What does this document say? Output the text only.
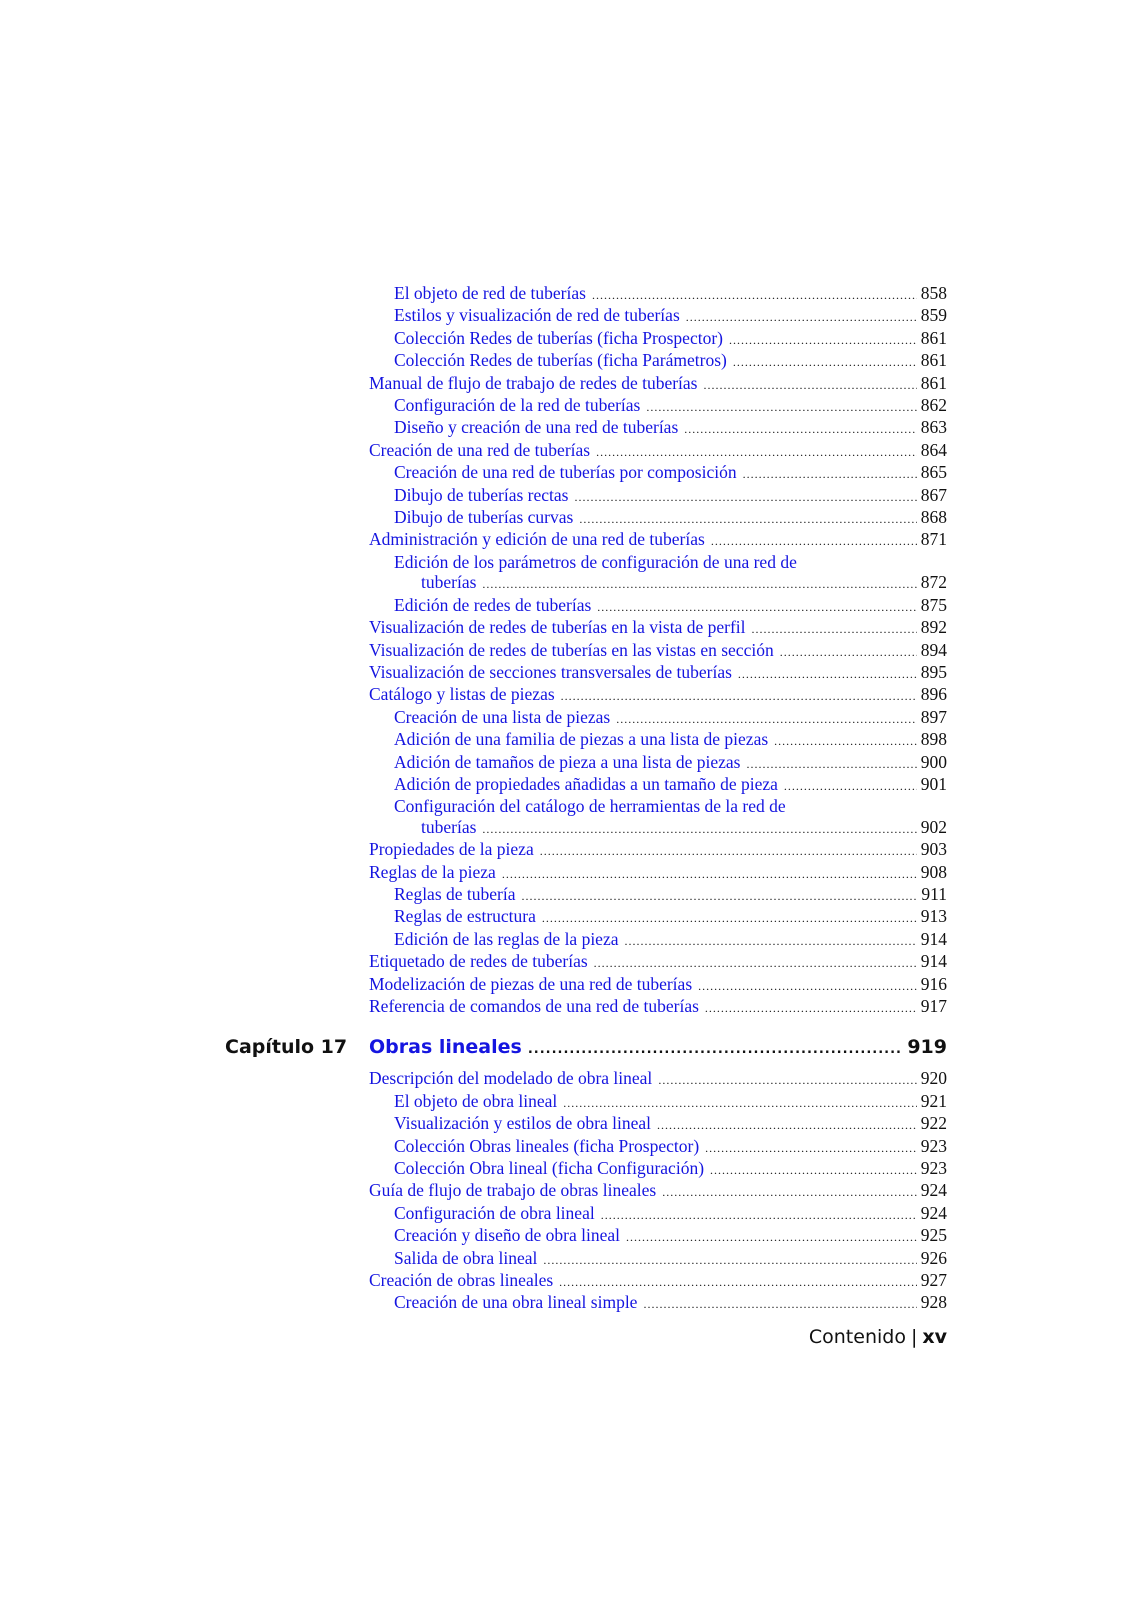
El objeto de red de tuberías .....	858
Estilos y visualización de red de tuberías .....	859
Colección Redes de tuberías (ficha Prospector) .....	861
Colección Redes de tuberías (ficha Parámetros) .....	861
Manual de flujo de trabajo de redes de tuberías .....	861
Configuración de la red de tuberías .....	862
Diseño y creación de una red de tuberías .....	863
Creación de una red de tuberías .....	864
Creación de una red de tuberías por composición .....	865
Dibujo de tuberías rectas .....	867
Dibujo de tuberías curvas .....	868
Administración y edición de una red de tuberías .....	871
Edición de los parámetros de configuración de una red de
tuberías .....	872
Edición de redes de tuberías .....	875
Visualización de redes de tuberías en la vista de perfil .....	892
Visualización de redes de tuberías en las vistas en sección .....	894
Visualización de secciones transversales de tuberías .....	895
Catálogo y listas de piezas .....	896
Creación de una lista de piezas .....	897
Adición de una familia de piezas a una lista de piezas .....	898
Adición de tamaños de pieza a una lista de piezas .....	900
Adición de propiedades añadidas a un tamaño de pieza .....	901
Configuración del catálogo de herramientas de la red de
tuberías .....	902
Propiedades de la pieza .....	903
Reglas de la pieza .....	908
Reglas de tubería .....	911
Reglas de estructura .....	913
Edición de las reglas de la pieza .....	914
Etiquetado de redes de tuberías .....	914
Modelización de piezas de una red de tuberías .....	916
Referencia de comandos de una red de tuberías .....	917
Capítulo 17 Obras lineales .....	919
Descripción del modelado de obra lineal .....	920
El objeto de obra lineal .....	921
Visualización y estilos de obra lineal .....	922
Colección Obras lineales (ficha Prospector) .....	923
Colección Obra lineal (ficha Configuración) .....	923
Guía de flujo de trabajo de obras lineales .....	924
Configuración de obra lineal .....	924
Creación y diseño de obra lineal .....	925
Salida de obra lineal .....	926
Creación de obras lineales .....	927
Creación de una obra lineal simple .....	928
Contenido | xv
